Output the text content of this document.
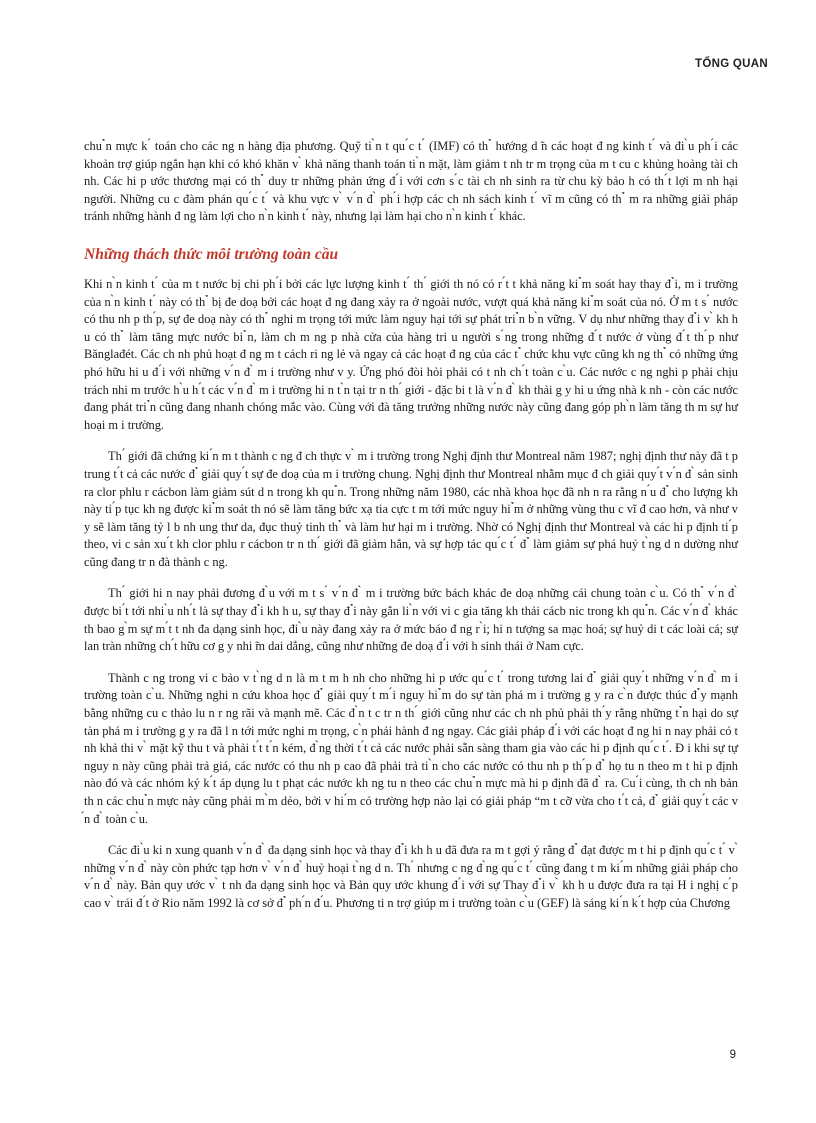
TỔNG QUAN

chu ̉n mực k ́ toán cho các ng n hàng địa phương. Quỹ ti ̀n t qu ́c t ́ (IMF) có th ̉ hướng d ̃n các hoạt đ ng kinh t ́ và đi ̀u ph ́i các khoản trợ giúp ngắn hạn khi có khó khăn v ̀ khả năng thanh toán ti ̀n mặt, làm giảm t nh tr m trọng của m t cu c khủng hoảng tài ch nh. Các hi p ước thương mại có th ̉ duy tr những phản ứng đ ́i với cơn s ́c tài ch nh sinh ra từ chu kỳ bảo h có th ́t lợi m nh hại người. Những cu c đàm phán qu ́c t ́ và khu vực v ̀ v ́n đ ̀ ph ́i hợp các ch nh sách kinh t ́ vĩ m cũng có th ̉ m ra những giải pháp tránh những hành đ ng làm lợi cho n ̀n kinh t ́ này, nhưng lại làm hại cho n ̀n kinh t ́ khác.

Những thách thức môi trường toàn cầu

Khi n ̀n kinh t ́ của m t nước bị chi ph ́i bởi các lực lượng kinh t ́ th ́ giới th nó có r ́t t khả năng ki ̉m soát hay thay đ ̉i, m i trường của n ̀n kinh t ́ này có th ̉ bị đe doạ bởi các hoạt đ ng đang xảy ra ở ngoài nước, vượt quá khả năng ki ̉m soát của nó. Ở m t s ́ nước có thu nh p th ́p, sự đe doạ này có th ̉ nghi m trọng tới mức làm nguy hại tới sự phát tri ̉n b ̀n vững. V dụ như những thay đ ̉i v ̀ kh h u có th ̉ làm tăng mực nước bi ̉n, làm ch m ng p nhà cửa của hàng tri u người s ́ng trong những đ ́t nước ở vùng đ ́t th ́p như Bănglađét. Các ch nh phủ hoạt đ ng m t cách ri ng lẻ và ngay cả các hoạt đ ng của các t ̉ chức khu vực cũng kh ng th ̉ có những ứng phó hữu hi u đ ́i với những v ́n đ ̀ m i trường như v y. Ứng phó đòi hỏi phải có t nh ch ́t toàn c ̀u. Các nước c ng nghi p phải chịu trách nhi m trước h ̀u h ́t các v ́n đ ̀ m i trường hi n t ̀n tại tr n th ́ giới - đặc bi t là v ́n đ ̀ kh thải g y hi u ứng nhà k nh - còn các nước đang phát tri ̉n cũng đang nhanh chóng mắc vào. Cùng với đà tăng trưởng những nước này cũng đang góp ph ̀n làm tăng th m sự hư hoại m i trường.

Th ́ giới đã chứng ki ́n m t thành c ng đ ch thực v ̀ m i trường trong Nghị định thư Montreal năm 1987; nghị định thư này đã t p trung t ́t cả các nước đ ̉ giải quy ́t sự đe doạ của m i trường chung. Nghị định thư Montreal nhằm mục đ ch giải quy ́t v ́n đ ̀ sản sinh ra clor phlu r cácbon làm giảm sút d n trong kh qu ̉n. Trong những năm 1980, các nhà khoa học đã nh n ra rằng n ́u đ ̉ cho lượng kh này ti ́p tục kh ng được ki ̉m soát th nó sẽ làm tăng bức xạ tia cực t m tới mức nguy hi ̉m ở những vùng thu c vĩ đ cao hơn, và như v y sẽ làm tăng tỷ l b nh ung thư da, đục thuỷ tinh th ̉ và làm hư hại m i trường. Nhờ có Nghị định thư Montreal và các hi p định ti ́p theo, vi c sản xu ́t kh clor phlu r cácbon tr n th ́ giới đã giảm hẳn, và sự hợp tác qu ́c t ́ đ ̉ làm giảm sự phá huỷ t ̀ng d n dường như cũng đang tr n đà thành c ng.

Th ́ giới hi n nay phải đương đ ̀u với m t s ́ v ́n đ ̀ m i trường bức bách khác đe doạ những cái chung toàn c ̀u. Có th ̉ v ́n đ ̀ được bi ́t tới nhi ̀u nh ́t là sự thay đ ̉i kh h u, sự thay đ ̉i này gắn li ̀n với vi c gia tăng kh thải cácb nic trong kh qu ̉n. Các v ́n đ ̀ khác th bao g ̀m sự m ́t t nh đa dạng sinh học, đi ̀u này đang xảy ra ở mức báo đ ng r ̀i; hi n tượng sa mạc hoá; sự huỷ di t các loài cá; sự lan tràn những ch ́t hữu cơ g y nhi ̃m dai dẳng, cũng như những đe doạ đ ́i với h sinh thái ở Nam cực.

Thành c ng trong vi c bảo v t ̀ng d n là m t m h nh cho những hi p ước qu ́c t ́ trong tương lai đ ̉ giải quy ́t những v ́n đ ̀ m i trường toàn c ̀u. Những nghi n cứu khoa học đ ̉ giải quy ́t m ́i nguy hi ̉m do sự tàn phá m i trường g y ra c ̀n được thúc đ ̉y mạnh bằng những cu c thảo lu n r ng rãi và mạnh mẽ. Các đ ̀n t c tr n th ́ giới cũng như các ch nh phủ phải th ́y rằng những t ̉n hại do sự tàn phá m i trường g y ra đã l n tới mức nghi m trọng, c ̀n phải hành đ ng ngay. Các giải pháp đ ́i với các hoạt đ ng hi n nay phải có t nh khả thi v ̀ mặt kỹ thu t và phải t ́t t ́n kém, đ ̀ng thời t ́t cả các nước phải sẵn sàng tham gia vào các hi p định qu ́c t ́. Đ i khi sự tự nguy n này cũng phải trả giá, các nước có thu nh p cao đã phải trả ti ̀n cho các nước có thu nh p th ́p đ ̉ họ tu n theo m t hi p định nào đó và các nhóm ký k ́t áp dụng lu t phạt các nước kh ng tu n theo các chu ̉n mực mà hi p định đã đ ̀ ra. Cu ́i cùng, th ch nh bản th n các chu ̉n mực này cũng phải m ̀m dẻo, bởi v hi ́m có trường hợp nào lại có giải pháp “m t cỡ vừa cho t ́t cả, đ ̉ giải quy ́t các v ́n đ ̀ toàn c ̀u.

Các đi ̀u ki n xung quanh v ́n đ ̀ đa dạng sinh học và thay đ ̉i kh h u đã đưa ra m t gợi ý rằng đ ̉ đạt được m t hi p định qu ́c t ́ v ̀ những v ́n đ ̀ này còn phức tạp hơn v ̀ v ́n đ ̀ huỷ hoại t ̀ng d n. Th ́ nhưng c ng đ ̀ng qu ́c t ́ cũng đang t m ki ́m những giải pháp cho v ́n đ ̀ này. Bản quy ước v ̀ t nh đa dạng sinh học và Bản quy ước khung đ ́i với sự Thay đ ̉i v ̀ kh h u được đưa ra tại H i nghị c ́p cao v ̀ trái đ ́t ở Rio năm 1992 là cơ sở đ ̉ ph ́n đ ́u. Phương ti n trợ giúp m i trường toàn c ̀u (GEF) là sáng ki ́n k ́t hợp của Chương

9
